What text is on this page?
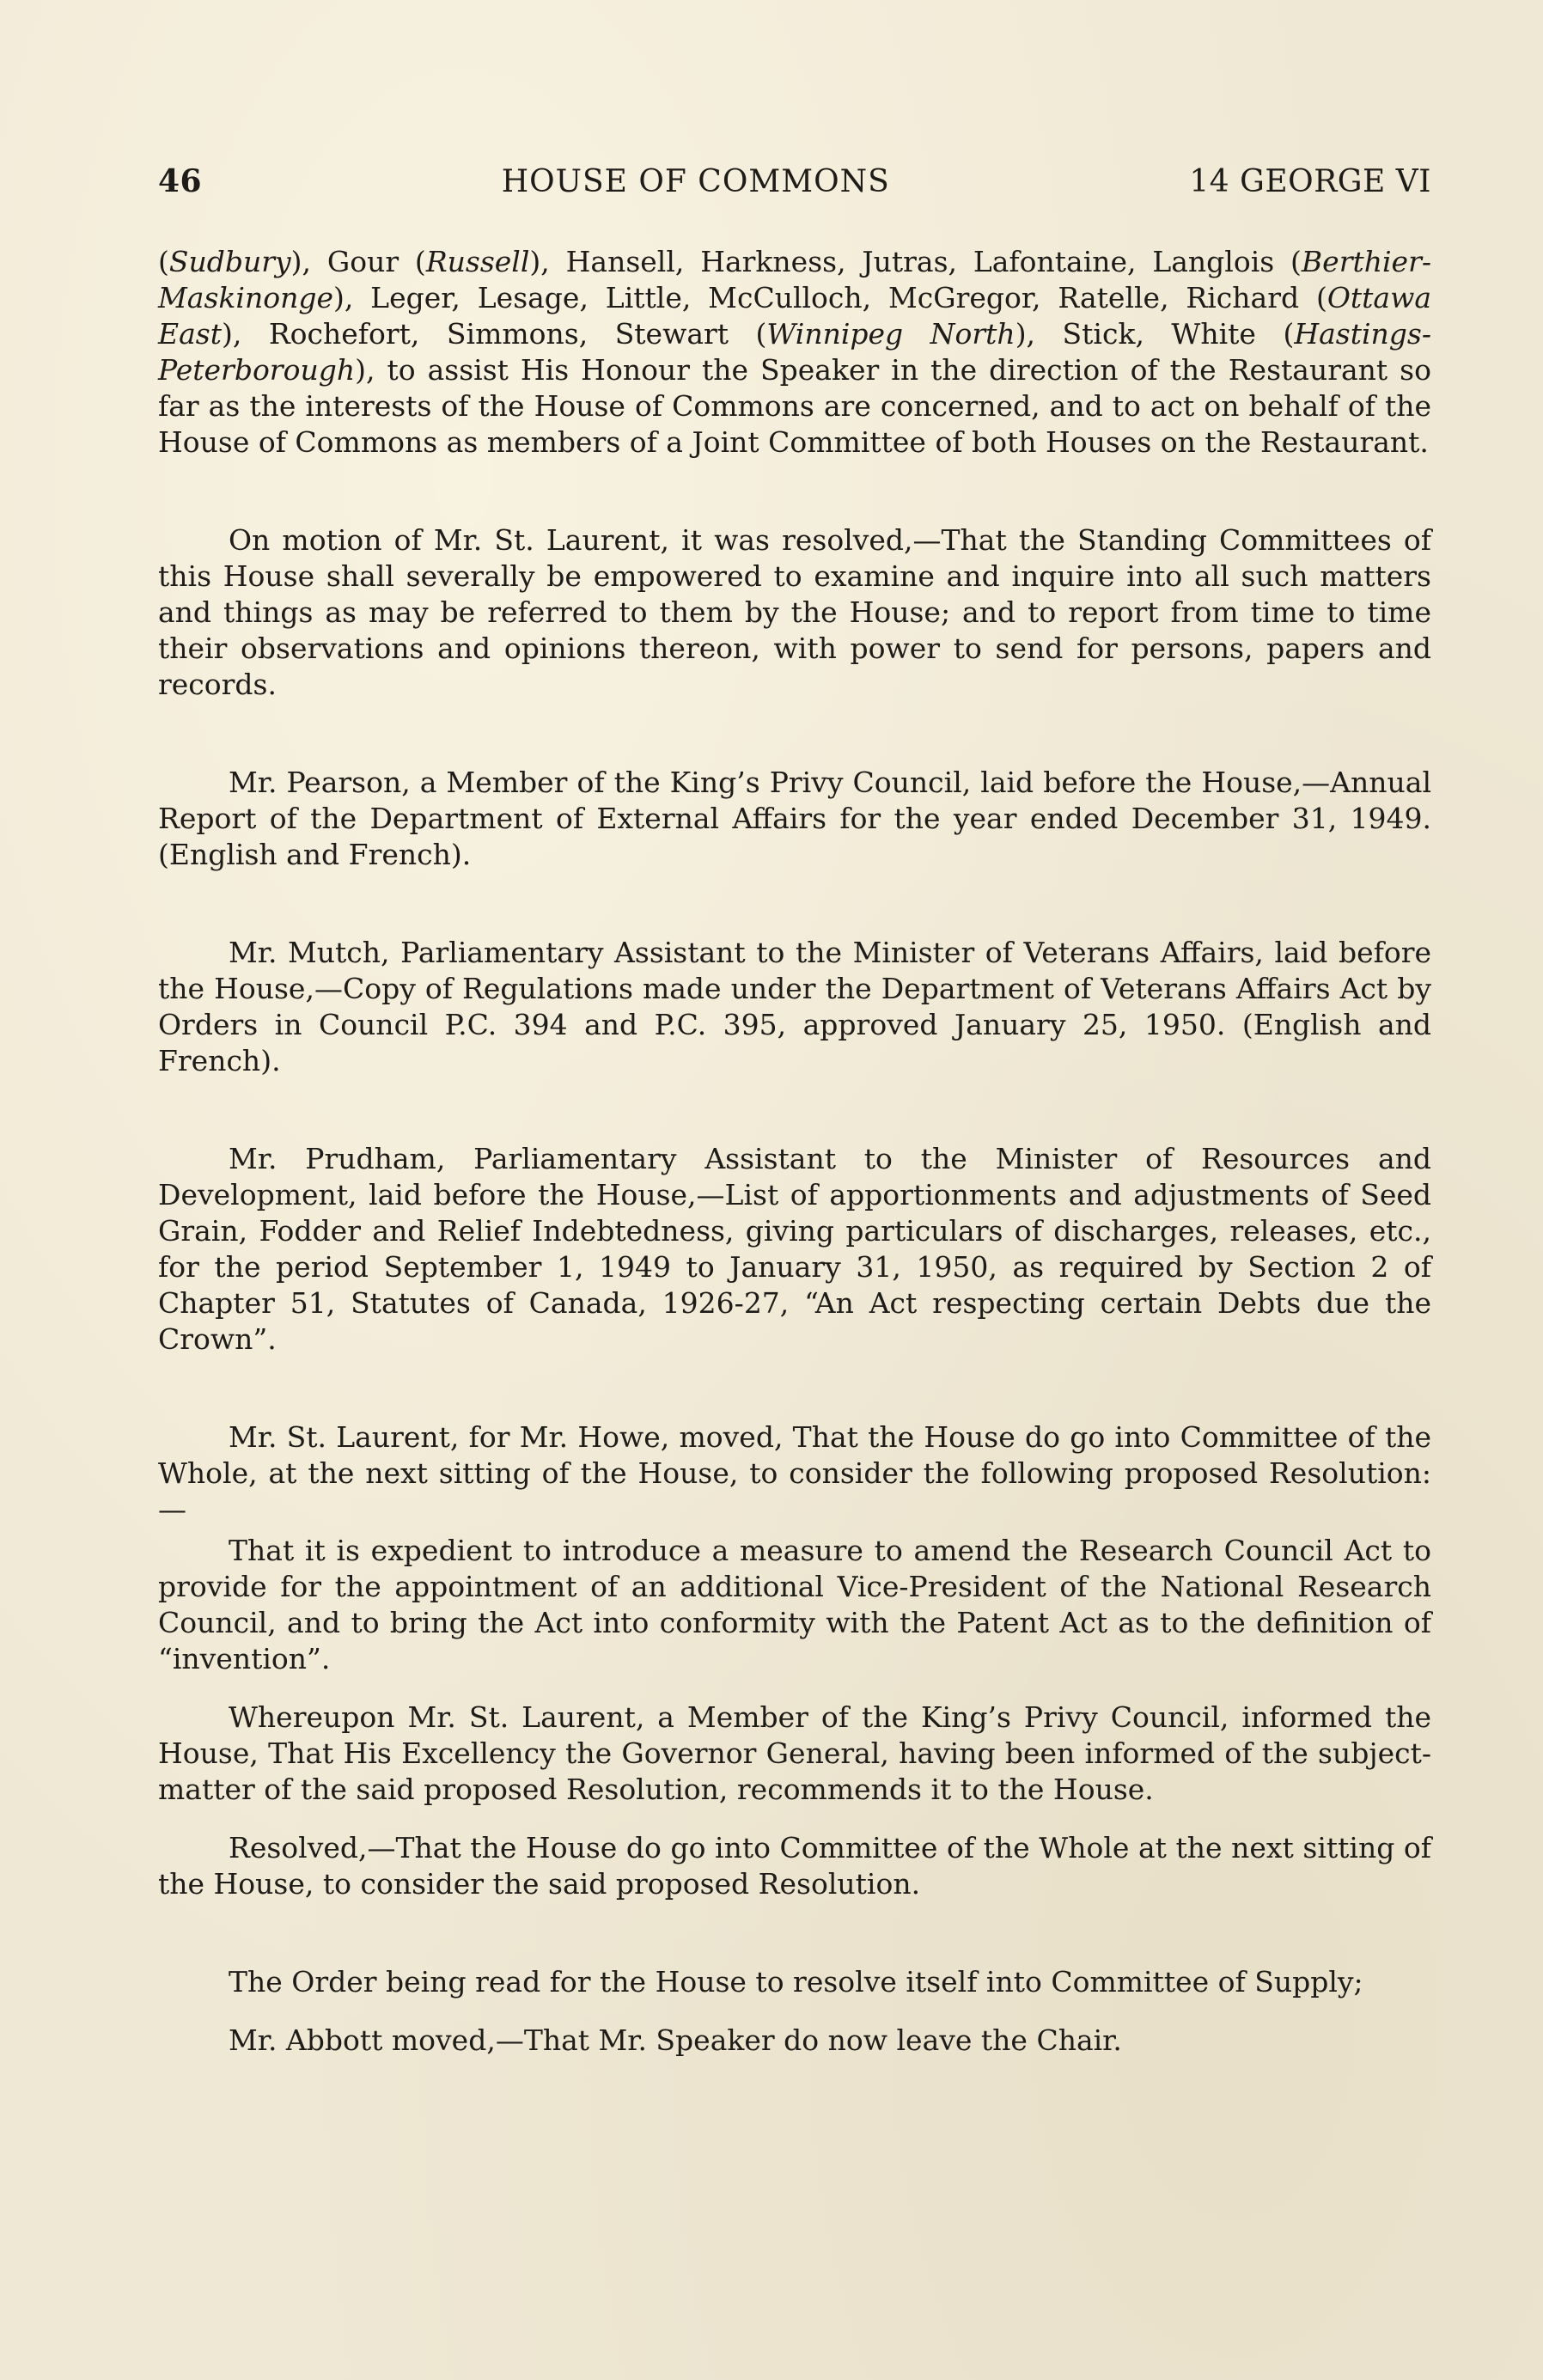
46	HOUSE OF COMMONS	14 GEORGE VI

(Sudbury), Gour (Russell), Hansell, Harkness, Jutras, Lafontaine, Langlois (Berthier-Maskinonge), Leger, Lesage, Little, McCulloch, McGregor, Ratelle, Richard (Ottawa East), Rochefort, Simmons, Stewart (Winnipeg North), Stick, White (Hastings-Peterborough), to assist His Honour the Speaker in the direction of the Restaurant so far as the interests of the House of Commons are concerned, and to act on behalf of the House of Commons as members of a Joint Committee of both Houses on the Restaurant.

On motion of Mr. St. Laurent, it was resolved,—That the Standing Committees of this House shall severally be empowered to examine and inquire into all such matters and things as may be referred to them by the House; and to report from time to time their observations and opinions thereon, with power to send for persons, papers and records.

Mr. Pearson, a Member of the King’s Privy Council, laid before the House,—Annual Report of the Department of External Affairs for the year ended December 31, 1949. (English and French).

Mr. Mutch, Parliamentary Assistant to the Minister of Veterans Affairs, laid before the House,—Copy of Regulations made under the Department of Veterans Affairs Act by Orders in Council P.C. 394 and P.C. 395, approved January 25, 1950. (English and French).

Mr. Prudham, Parliamentary Assistant to the Minister of Resources and Development, laid before the House,—List of apportionments and adjustments of Seed Grain, Fodder and Relief Indebtedness, giving particulars of discharges, releases, etc., for the period September 1, 1949 to January 31, 1950, as required by Section 2 of Chapter 51, Statutes of Canada, 1926-27, “An Act respecting certain Debts due the Crown”.

Mr. St. Laurent, for Mr. Howe, moved, That the House do go into Committee of the Whole, at the next sitting of the House, to consider the following proposed Resolution:—

That it is expedient to introduce a measure to amend the Research Council Act to provide for the appointment of an additional Vice-President of the National Research Council, and to bring the Act into conformity with the Patent Act as to the definition of “invention”.

Whereupon Mr. St. Laurent, a Member of the King’s Privy Council, informed the House, That His Excellency the Governor General, having been informed of the subject-matter of the said proposed Resolution, recommends it to the House.

Resolved,—That the House do go into Committee of the Whole at the next sitting of the House, to consider the said proposed Resolution.

The Order being read for the House to resolve itself into Committee of Supply;

Mr. Abbott moved,—That Mr. Speaker do now leave the Chair.
